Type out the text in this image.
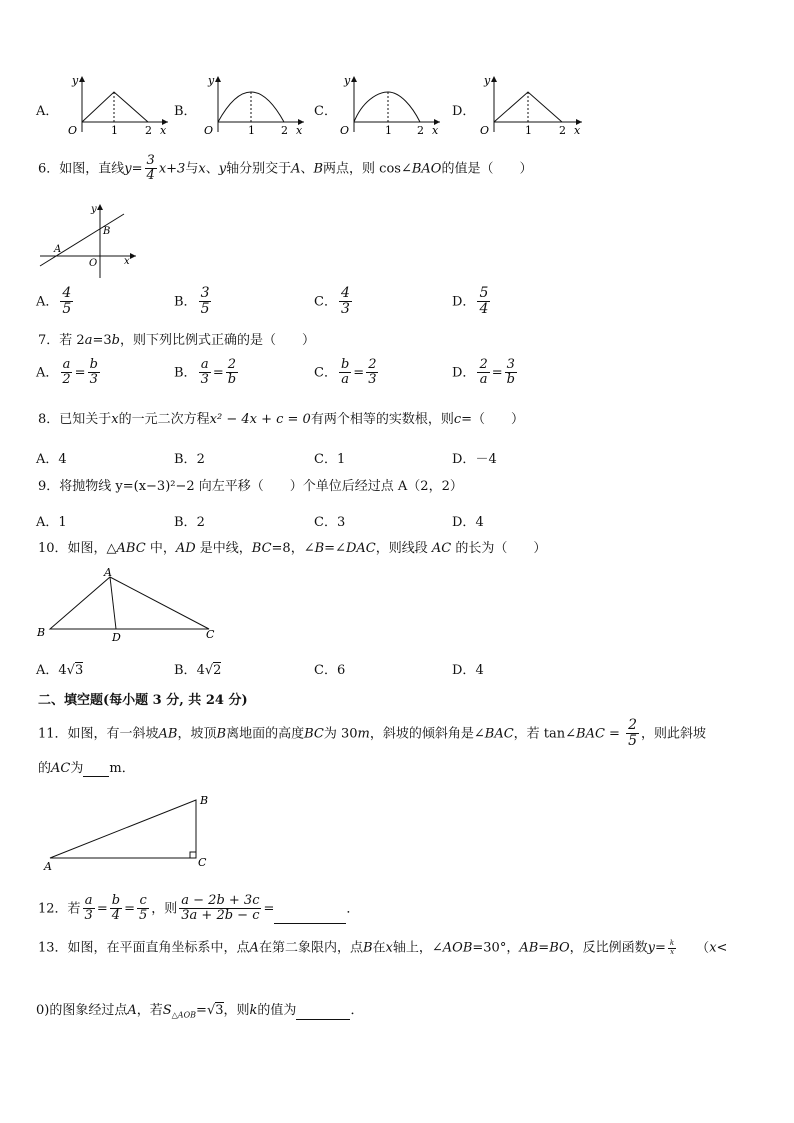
A．
y
O	1 2 x
B．
y
O	1 2 x
C．
y
O	1 2 x
D．
y
O	1 2 x
6．如图，直线$y= \frac{3}{4} x+3$与x、y轴分别交于A、B两点，则 cos∠BAO的值是（　　）
y
x
A
B
O
A． $\frac{4}{5}$	B． $\frac{3}{5}$	C． $\frac{4}{3}$	D． $\frac{5}{4}$
7．若 2a=3b，则下列比例式正确的是（　　）
A． $\frac{a}{2} = \frac{b}{3}$	B． $\frac{a}{3} = \frac{2}{b}$	C． $\frac{b}{a} = \frac{2}{3}$	D． $\frac{2}{a} = \frac{3}{b}$
8．已知关于x的一元二次方程x² − 4x + c = 0有两个相等的实数根，则c=（　　）
A．4	B．2	C．1	D．－4
9．将抛物线 y=(x−3)²−2 向左平移（　　）个单位后经过点 A（2，2）
A．1	B．2	C．3	D．4
10．如图，△ABC 中，AD 是中线，BC=8，∠B=∠DAC，则线段 AC 的长为（　　）
A
B	C
D
A．4√3	B．4√2	C．6	D．4
二、填空题(每小题 3 分, 共 24 分)
11．如图，有一斜坡AB，坡顶B离地面的高度BC为 30m，斜坡的倾斜角是∠BAC，若 tan∠BAC = $\frac{2}{5}$ ，则此斜坡
的AC为 m．
B
C
A
12．若 $\frac{a}{3} = \frac{b}{4} = \frac{c}{5}$ ，则 $\frac{a - 2b + 3c}{3a + 2b - c}$ =	．
13．如图，在平面直角坐标系中，点A在第二象限内，点B在x轴上，∠AOB=30°，AB=BO，反比例函数$y= \frac{k}{x} (x<$
0)的图象经过点A，若$S_{\triangle AOB}=√3$，则k的值为	．
